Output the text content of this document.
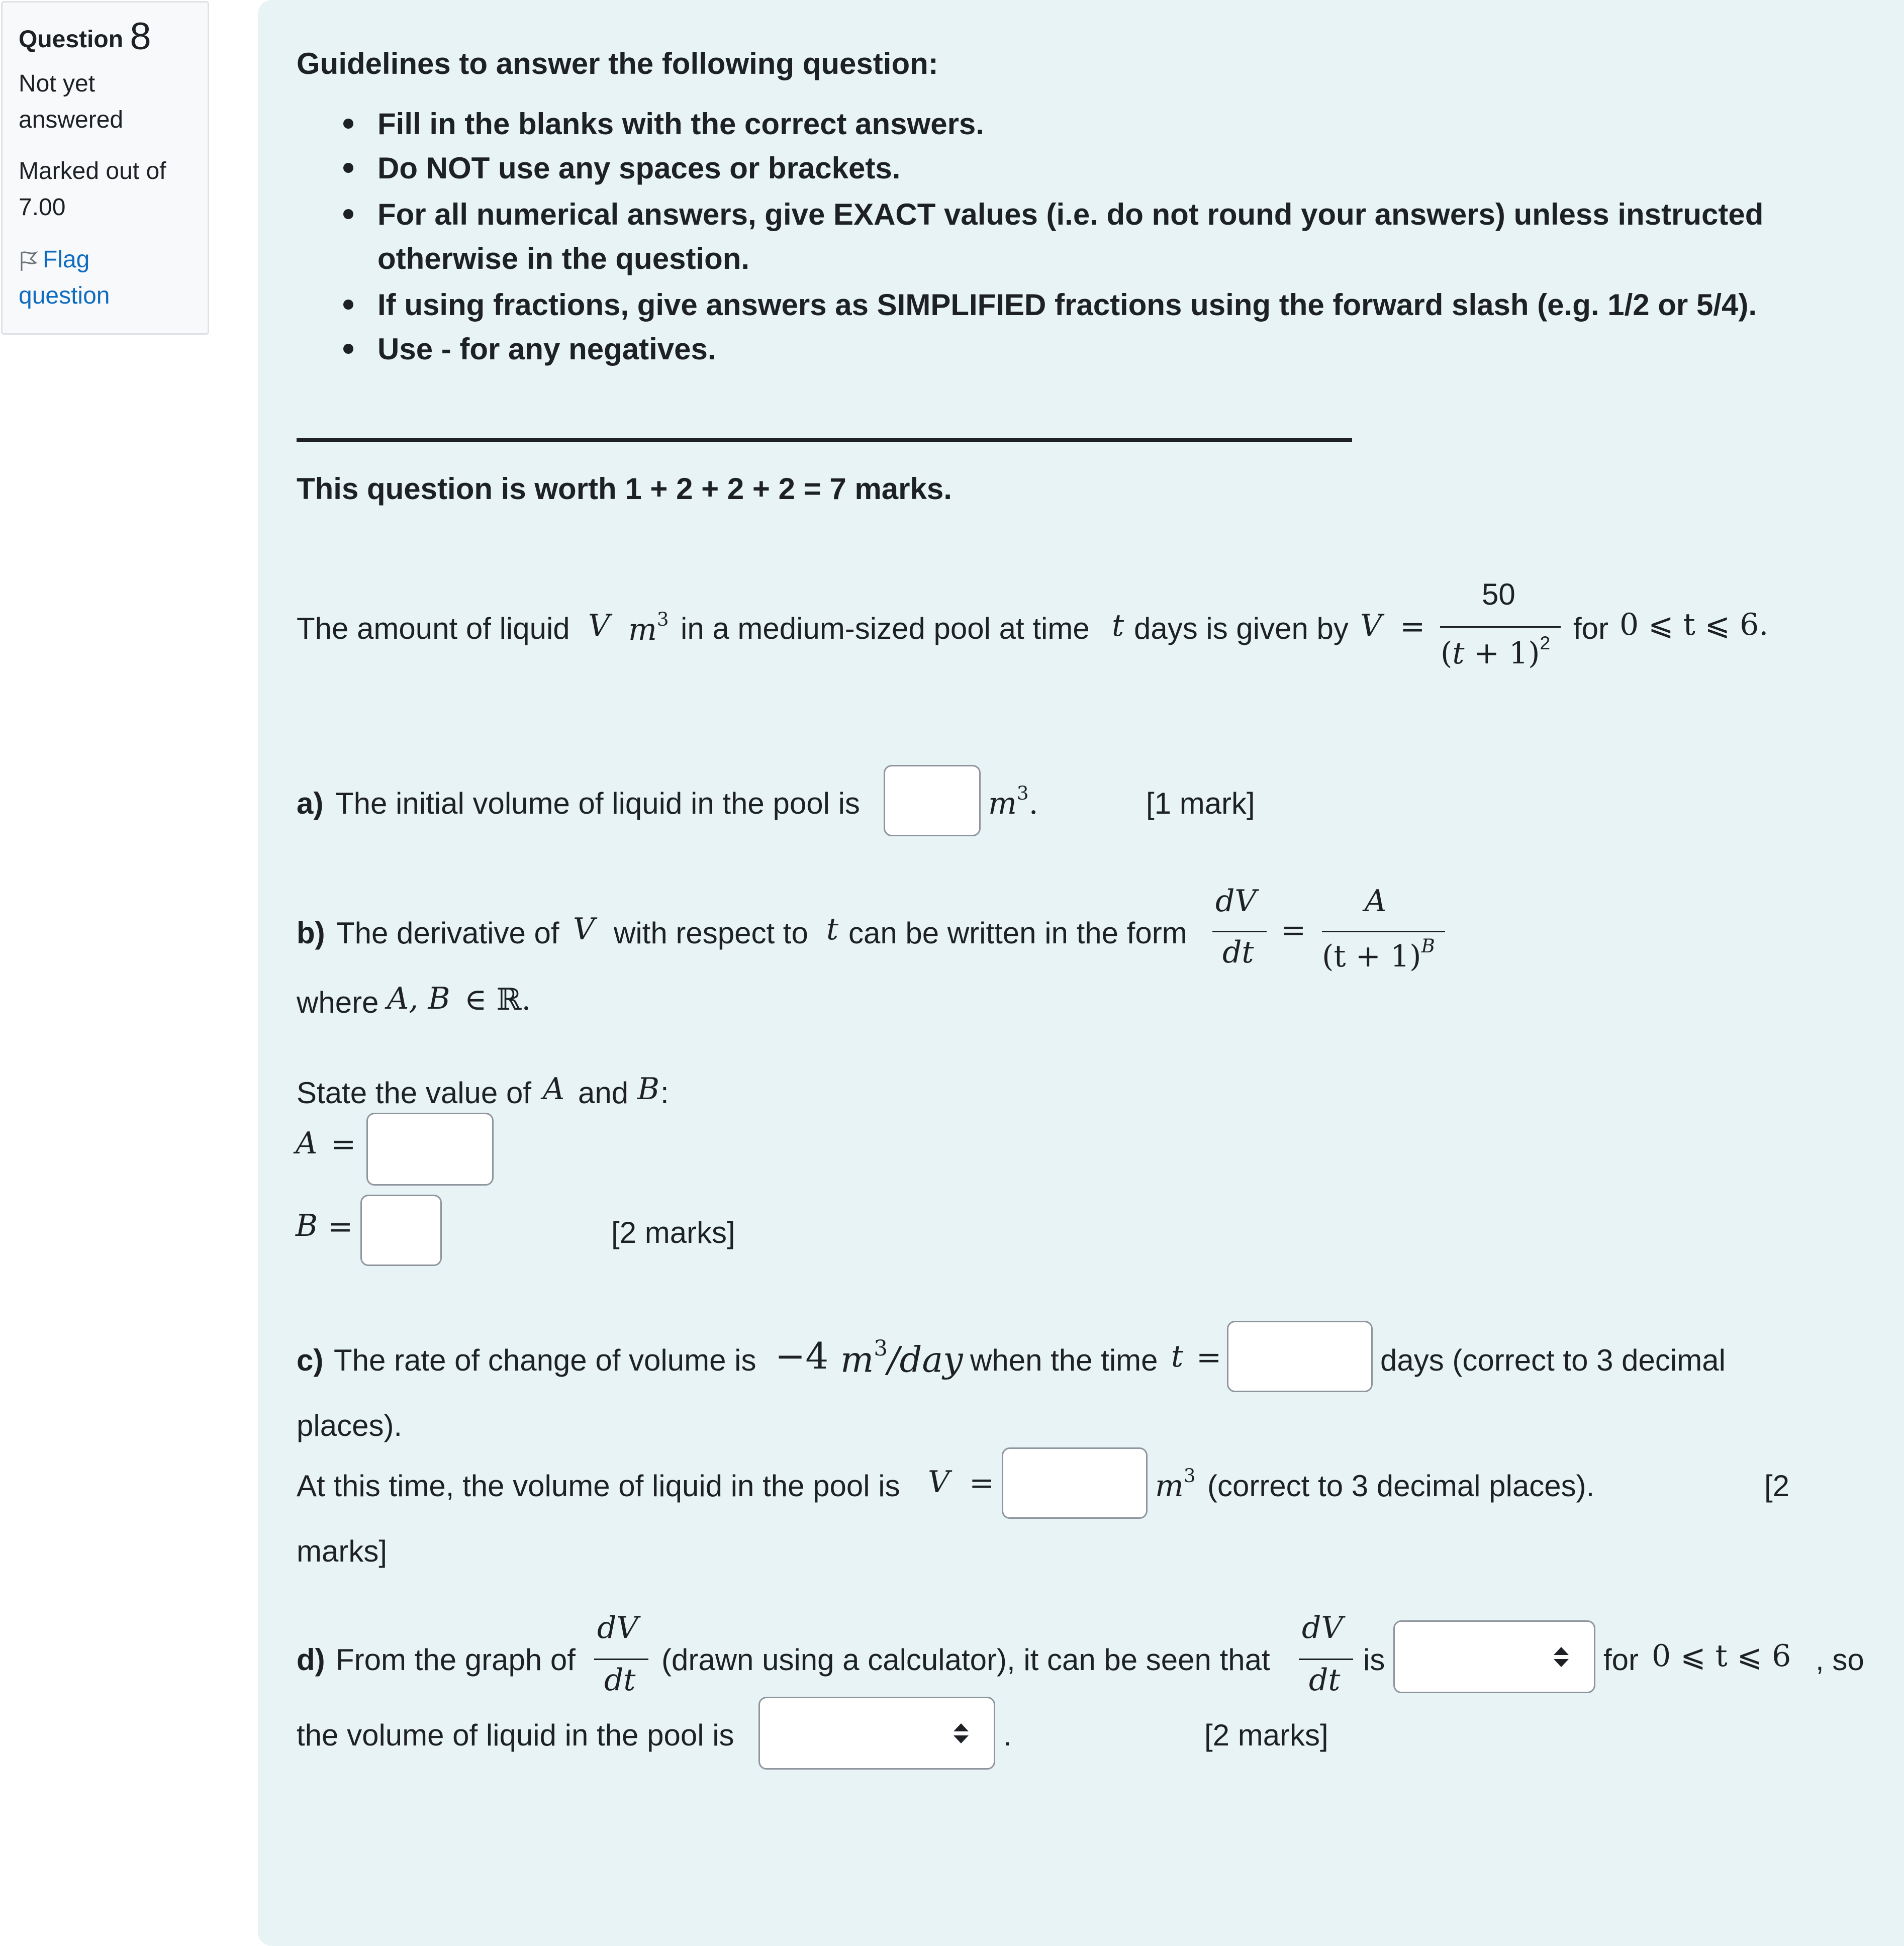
Question 8
Not yet
answered
Marked out of
7.00
Flag
question
Guidelines to answer the following question:
Fill in the blanks with the correct answers.
Do NOT use any spaces or brackets.
For all numerical answers, give EXACT values (i.e. do not round your answers) unless instructed
otherwise in the question.
If using fractions, give answers as SIMPLIFIED fractions using the forward slash (e.g. 1/2 or 5/4).
Use - for any negatives.
This question is worth 1 + 2 + 2 + 2 = 7 marks.
The amount of liquid V $m^3$ in a medium-sized pool at time t days is given by V =
50
$(t + 1)^2$ for 0 ⩽ t ⩽ 6.
a) The initial volume of liquid in the pool is	$m^3$.	[1 mark]
b) The derivative of V with respect to t can be written in the form
dV
dt
=
A
$(t + 1)^B$
where A, B ∈ ℝ.
State the value of A and B :
A =
B =	[2 marks]
c) The rate of change of volume is −4 $m^3$/day when the time t =	days (correct to 3 decimal
places).
At this time, the volume of liquid in the pool is V =	$m^3$ (correct to 3 decimal places).	[2
marks]
d) From the graph of
dV
dt
(drawn using a calculator), it can be seen that
dV
dt
is	for 0 ⩽ t ⩽ 6 , so
the volume of liquid in the pool is	.	[2 marks]
